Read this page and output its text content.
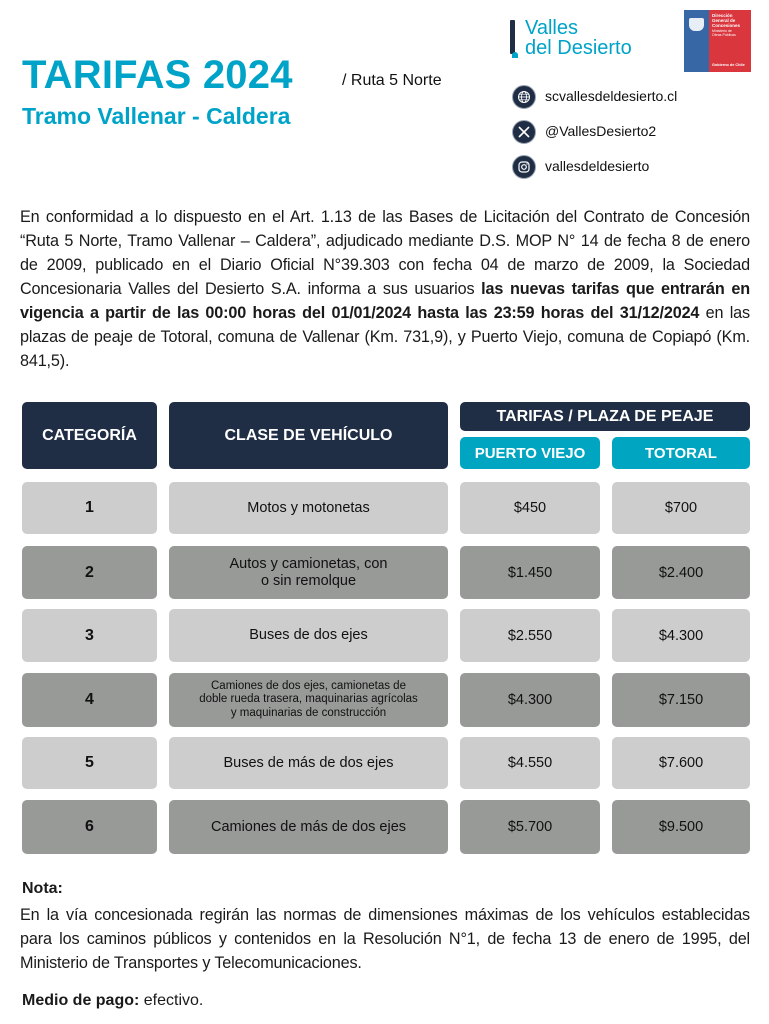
TARIFAS 2024	/ Ruta 5 Norte
Tramo Vallenar - Caldera
Valles
del Desierto
Dirección
General de
Concesiones
Ministerio de
Obras Públicas
Gobierno de Chile
scvallesdeldesierto.cl
@VallesDesierto2
vallesdeldesierto
En conformidad a lo dispuesto en el Art. 1.13 de las Bases de Licitación del Contrato de Concesión “Ruta 5 Norte, Tramo Vallenar – Caldera”, adjudicado mediante D.S. MOP N° 14 de fecha 8 de enero de 2009, publicado en el Diario Oficial N°39.303 con fecha 04 de marzo de 2009, la Sociedad Concesionaria Valles del Desierto S.A. informa a sus usuarios las nuevas tarifas que entrarán en vigencia a partir de las 00:00 horas del 01/01/2024 hasta las 23:59 horas del 31/12/2024 en las plazas de peaje de Totoral, comuna de Vallenar (Km. 731,9), y Puerto Viejo, comuna de Copiapó (Km. 841,5).
CATEGORÍA	CLASE DE VEHÍCULO
TARIFAS / PLAZA DE PEAJE
PUERTO VIEJO	TOTORAL
1	Motos y motonetas	$450	$700
2	Autos y camionetas, con
o sin remolque	$1.450	$2.400
3	Buses de dos ejes	$2.550	$4.300
4
Camiones de dos ejes, camionetas de
doble rueda trasera, maquinarias agrícolas
y maquinarias de construcción
$4.300	$7.150
5	Buses de más de dos ejes	$4.550	$7.600
6	Camiones de más de dos ejes	$5.700	$9.500
Nota:
En la vía concesionada regirán las normas de dimensiones máximas de los vehículos establecidas para los caminos públicos y contenidos en la Resolución N°1, de fecha 13 de enero de 1995, del Ministerio de Transportes y Telecomunicaciones.
Medio de pago: efectivo.
